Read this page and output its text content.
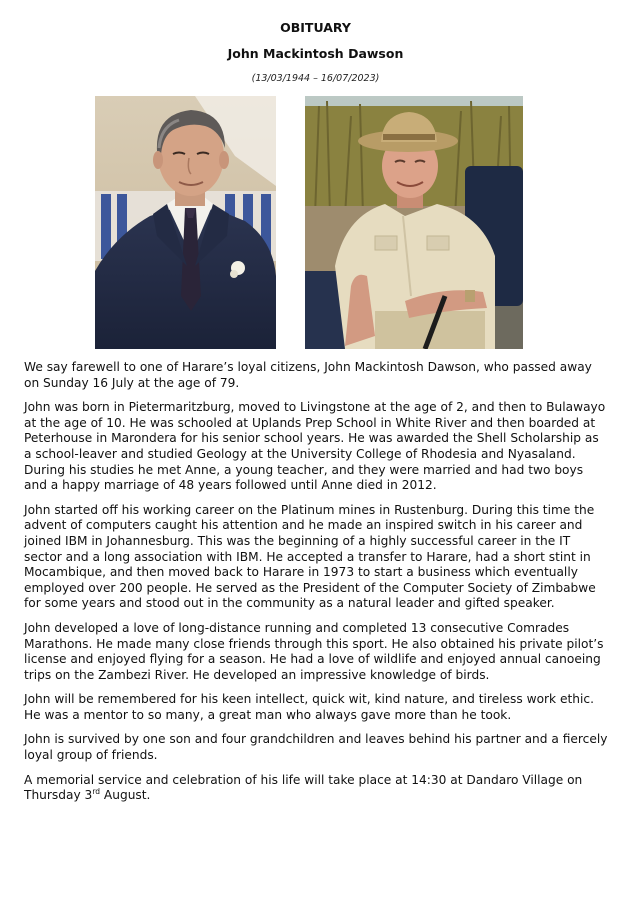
OBITUARY
John Mackintosh Dawson
(13/03/1944 – 16/07/2023)

We say farewell to one of Harare’s loyal citizens, John Mackintosh Dawson, who passed away on Sunday 16 July at the age of 79.

John was born in Pietermaritzburg, moved to Livingstone at the age of 2, and then to Bulawayo at the age of 10. He was schooled at Uplands Prep School in White River and then boarded at Peterhouse in Marondera for his senior school years. He was awarded the Shell Scholarship as a school-leaver and studied Geology at the University College of Rhodesia and Nyasaland. During his studies he met Anne, a young teacher, and they were married and had two boys and a happy marriage of 48 years followed until Anne died in 2012.

John started off his working career on the Platinum mines in Rustenburg. During this time the advent of computers caught his attention and he made an inspired switch in his career and joined IBM in Johannesburg. This was the beginning of a highly successful career in the IT sector and a long association with IBM. He accepted a transfer to Harare, had a short stint in Mocambique, and then moved back to Harare in 1973 to start a business which eventually employed over 200 people. He served as the President of the Computer Society of Zimbabwe for some years and stood out in the community as a natural leader and gifted speaker.

John developed a love of long-distance running and completed 13 consecutive Comrades Marathons. He made many close friends through this sport. He also obtained his private pilot’s license and enjoyed flying for a season. He had a love of wildlife and enjoyed annual canoeing trips on the Zambezi River. He developed an impressive knowledge of birds.

John will be remembered for his keen intellect, quick wit, kind nature, and tireless work ethic. He was a mentor to so many, a great man who always gave more than he took.

John is survived by one son and four grandchildren and leaves behind his partner and a fiercely loyal group of friends.

A memorial service and celebration of his life will take place at 14:30 at Dandaro Village on Thursday 3rd August.
